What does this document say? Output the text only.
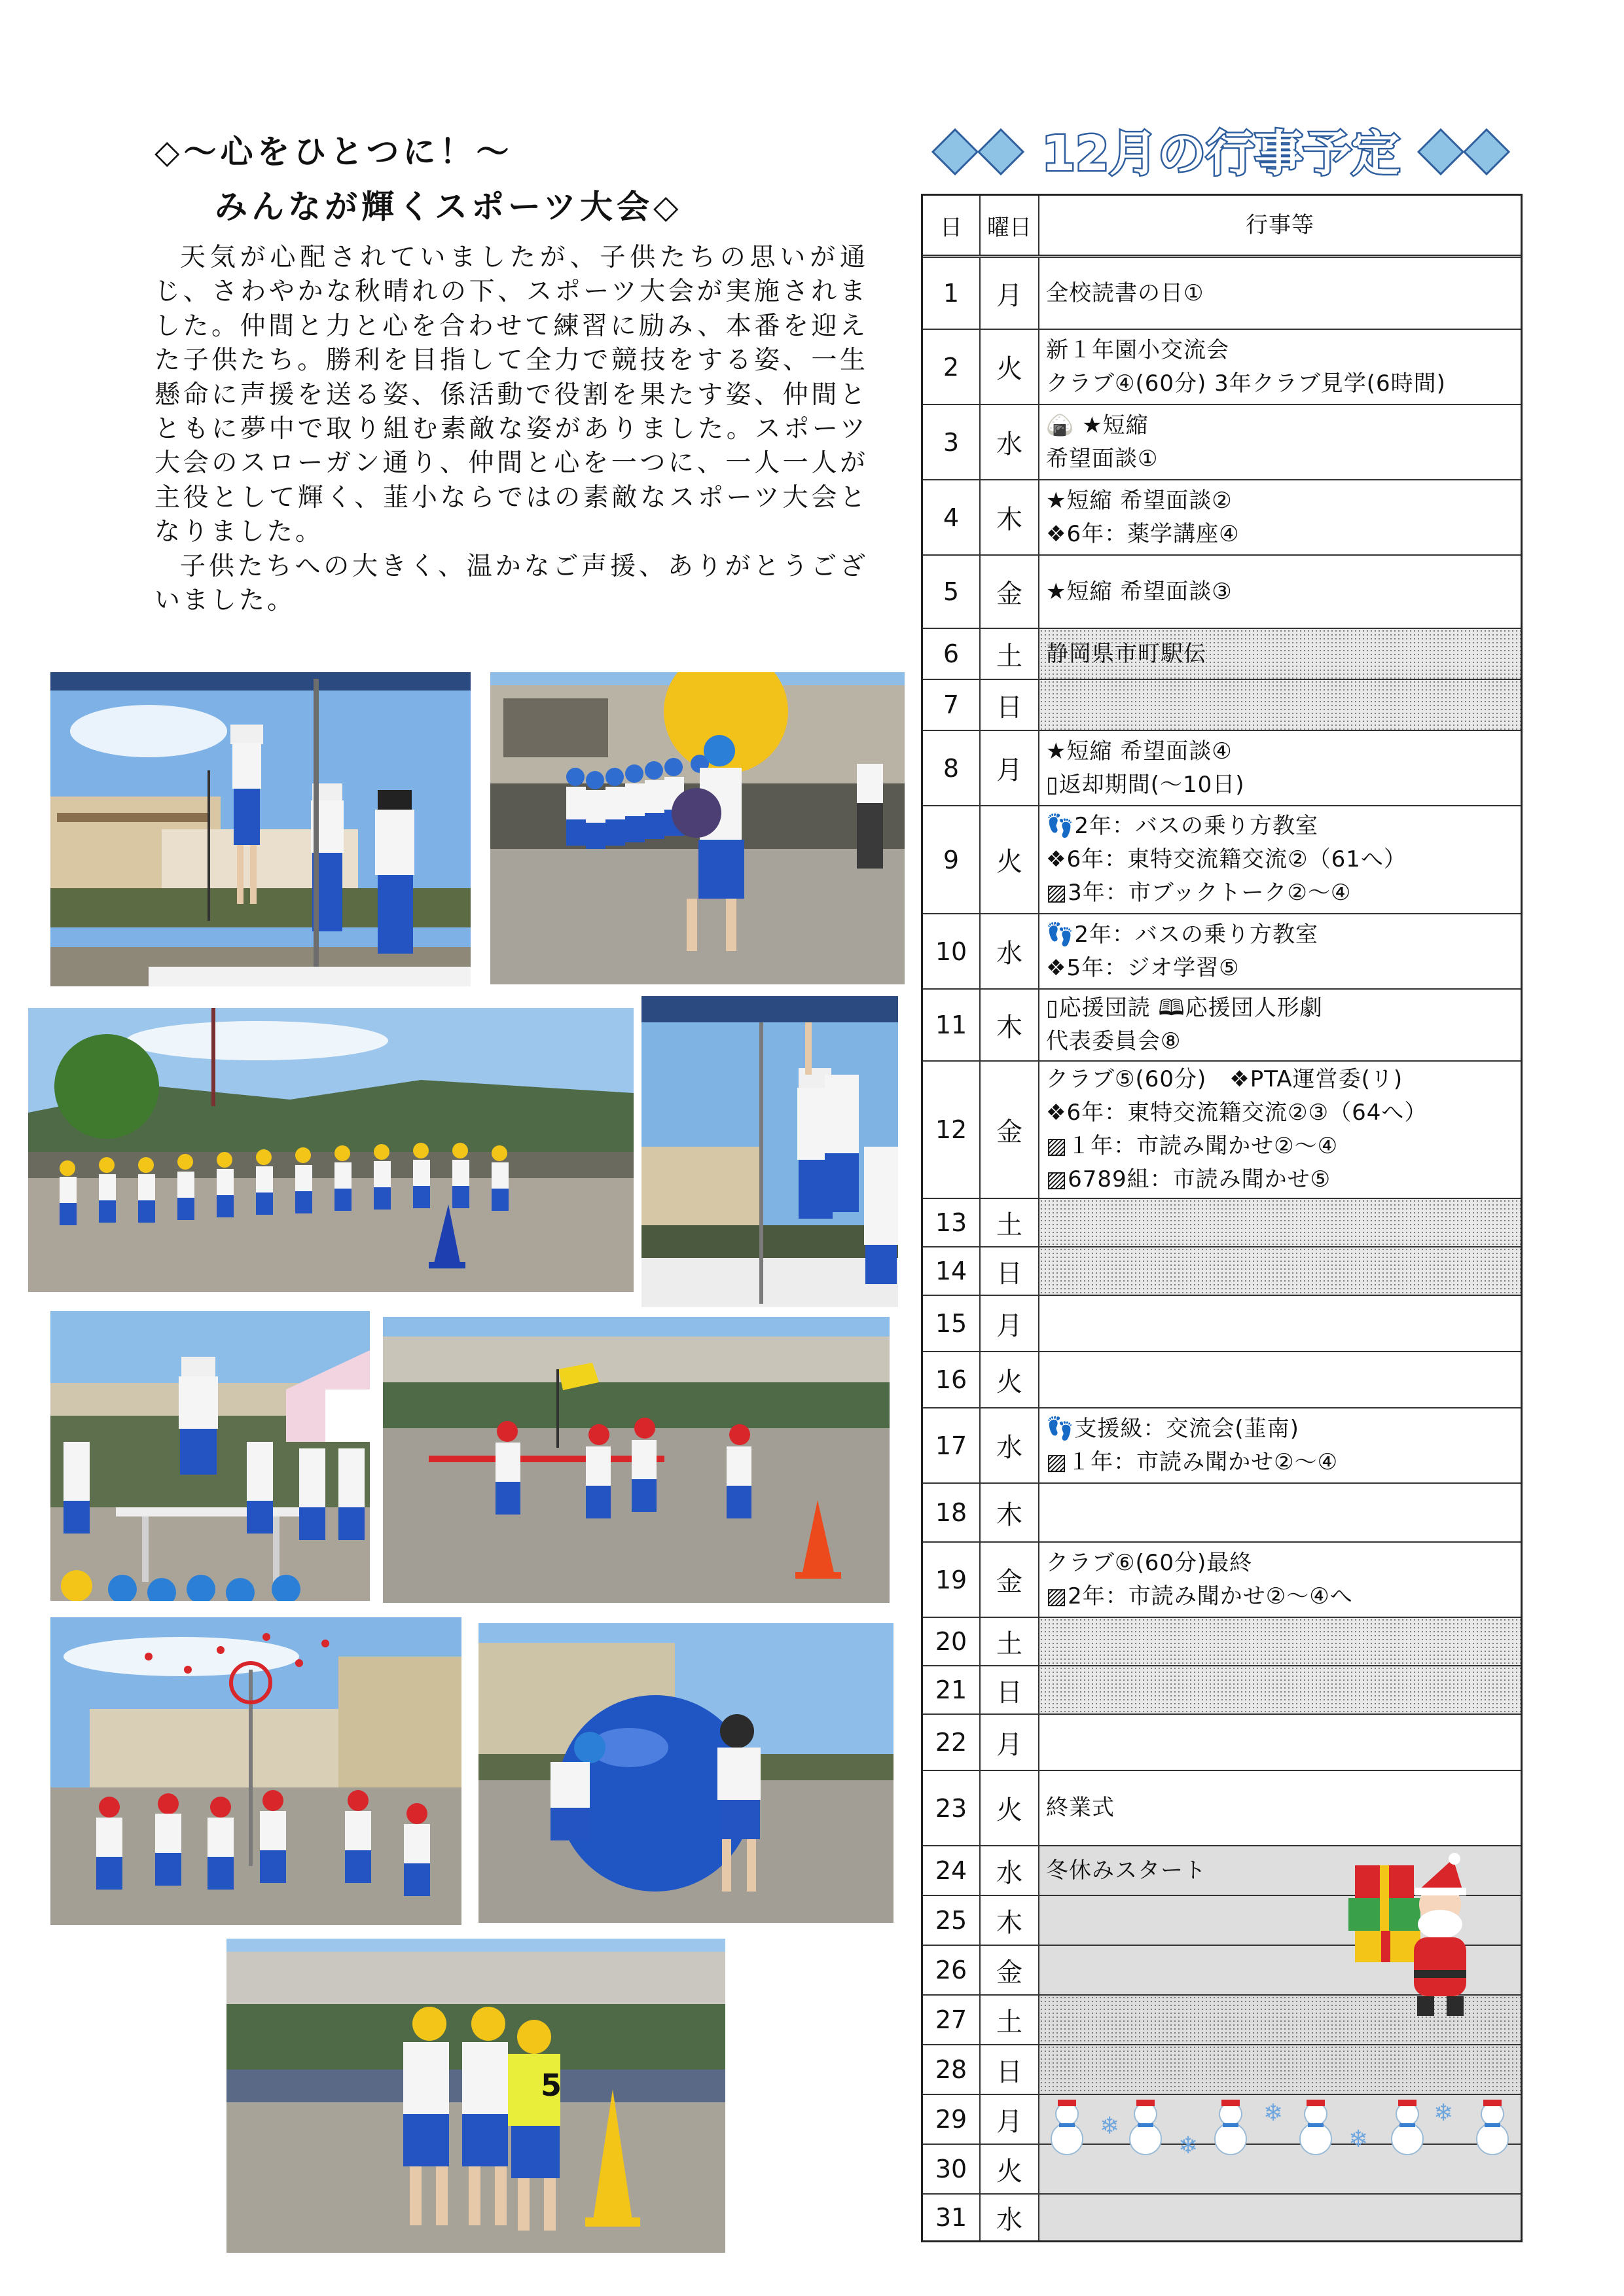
◇～心をひとつに！～
みんなが輝くスポーツ大会◇

天気が心配されていましたが、子供たちの思いが通じ、さわやかな秋晴れの下、スポーツ大会が実施されました。仲間と力と心を合わせて練習に励み、本番を迎えた子供たち。勝利を目指して全力で競技をする姿、一生懸命に声援を送る姿、係活動で役割を果たす姿、仲間とともに夢中で取り組む素敵な姿がありました。スポーツ大会のスローガン通り、仲間と心を一つに、一人一人が主役として輝く、韮小ならではの素敵なスポーツ大会となりました。

子供たちへの大きく、温かなご声援、ありがとうございました。

5
12月の行事予定
日	曜日	行事等
1	月	全校読書の日①
2	火
新１年園小交流会
クラブ④(60分) 3年クラブ見学(6時間)
3	水
🍙 ★短縮
希望面談①
4	木
★短縮 希望面談②
❖6年：薬学講座④
5	金	★短縮 希望面談③
6	土	静岡県市町駅伝
7	日
8	月
★短縮 希望面談④
▯返却期間(～10日)
9	火
👣2年：バスの乗り方教室
❖6年：東特交流籍交流②（61へ）
▨3年：市ブックトーク②～④
10	水
👣2年：バスの乗り方教室
❖5年：ジオ学習⑤
11	木
▯応援団読 🕮応援団人形劇
代表委員会⑧
12	金
クラブ⑤(60分)　❖PTA運営委(リ)
❖6年：東特交流籍交流②③（64へ）
▨１年：市読み聞かせ②～④
▨6789組：市読み聞かせ⑤
13	土
14	日
15	月
16	火
17	水
👣支援級：交流会(韮南)
▨１年：市読み聞かせ②～④
18	木
19	金
クラブ⑥(60分)最終
▨2年：市読み聞かせ②～④へ
20	土
21	日
22	月
23	火	終業式
24	水	冬休みスタート
25	木
26	金
27	土
28	日
29	月
30	火
31	水
❄
❄
❄
❄
❄
